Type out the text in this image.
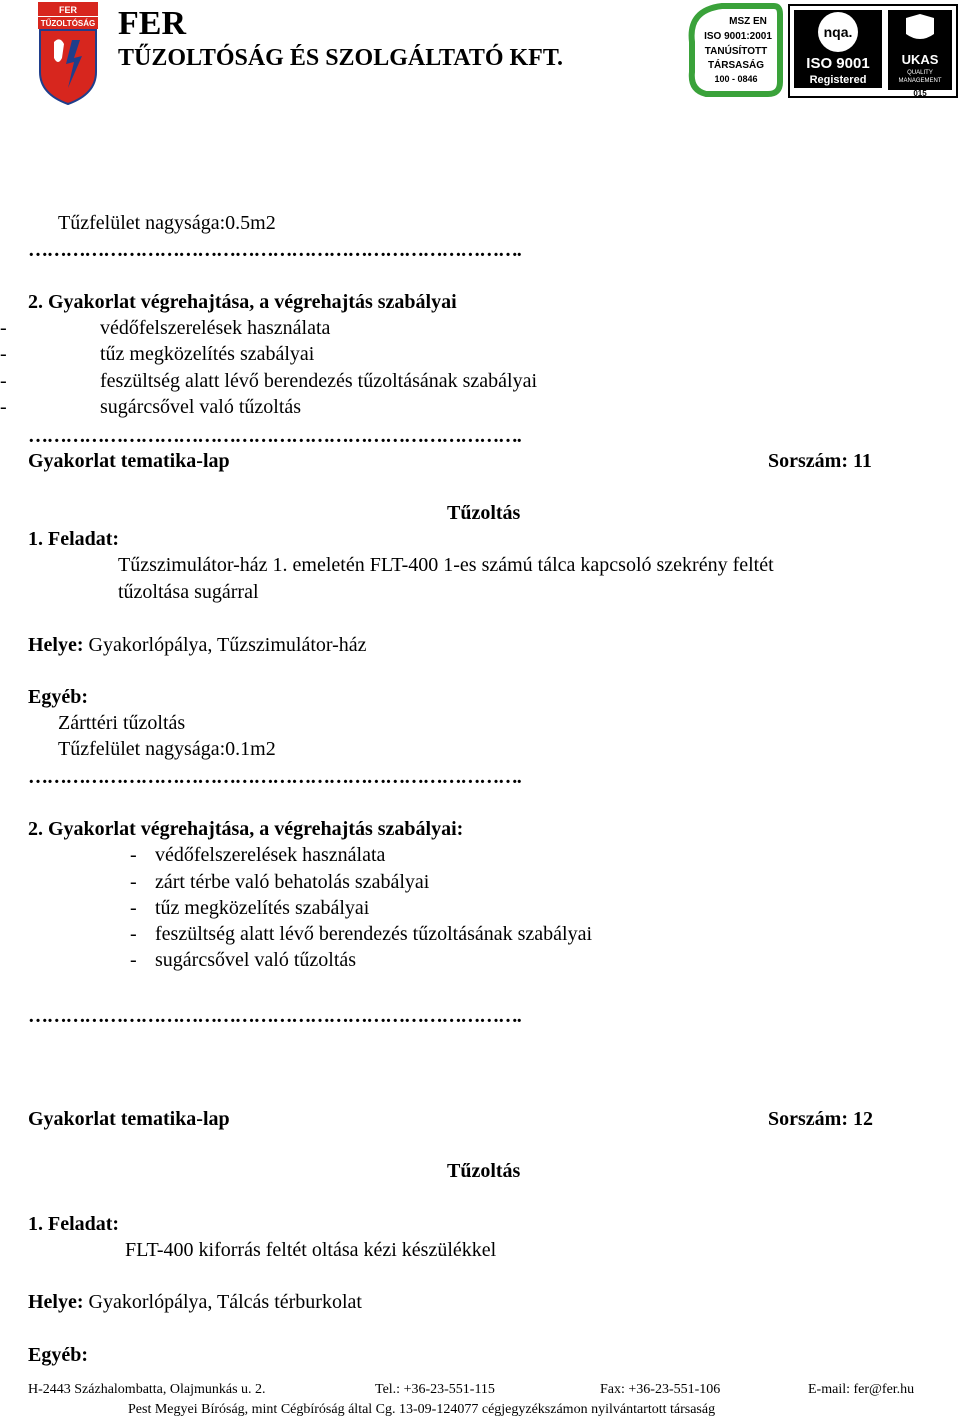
FER
TŰZOLTÓSÁG FER
TŰZOLTÓSÁG ÉS SZOLGÁLTATÓ KFT.
MSZ EN
ISO 9001:2001
TANÚSÍTOTT
TÁRSASÁG
100 - 0846
nqa.
ISO 9001
Registered
UKAS
QUALITY
MANAGEMENT
015
Tűzfelület nagysága:0.5m2
…………………………………………………………………….
2. Gyakorlat végrehajtása, a végrehajtás szabályai
-	védőfelszerelések használata
-	tűz megközelítés szabályai
-	feszültség alatt lévő berendezés tűzoltásának szabályai
-	sugárcsővel való tűzoltás
…………………………………………………………………….
Gyakorlat tematika-lap	Sorszám: 11
Tűzoltás
1. Feladat:
Tűzszimulátor-ház 1. emeletén FLT-400 1-es számú tálca kapcsoló szekrény feltét
tűzoltása sugárral
Helye: Gyakorlópálya, Tűzszimulátor-ház
Egyéb:
Zárttéri tűzoltás
Tűzfelület nagysága:0.1m2
…………………………………………………………………….
2. Gyakorlat végrehajtása, a végrehajtás szabályai:
- védőfelszerelések használata
- zárt térbe való behatolás szabályai
- tűz megközelítés szabályai
- feszültség alatt lévő berendezés tűzoltásának szabályai
- sugárcsővel való tűzoltás
…………………………………………………………………….
Gyakorlat tematika-lap	Sorszám: 12
Tűzoltás
1. Feladat:
FLT-400 kiforrás feltét oltása kézi készülékkel
Helye: Gyakorlópálya, Tálcás térburkolat
Egyéb:
H-2443 Százhalombatta, Olajmunkás u. 2.	Tel.: +36-23-551-115	Fax: +36-23-551-106	E-mail: fer@fer.hu
Pest Megyei Bíróság, mint Cégbíróság által Cg. 13-09-124077 cégjegyzékszámon nyilvántartott társaság
